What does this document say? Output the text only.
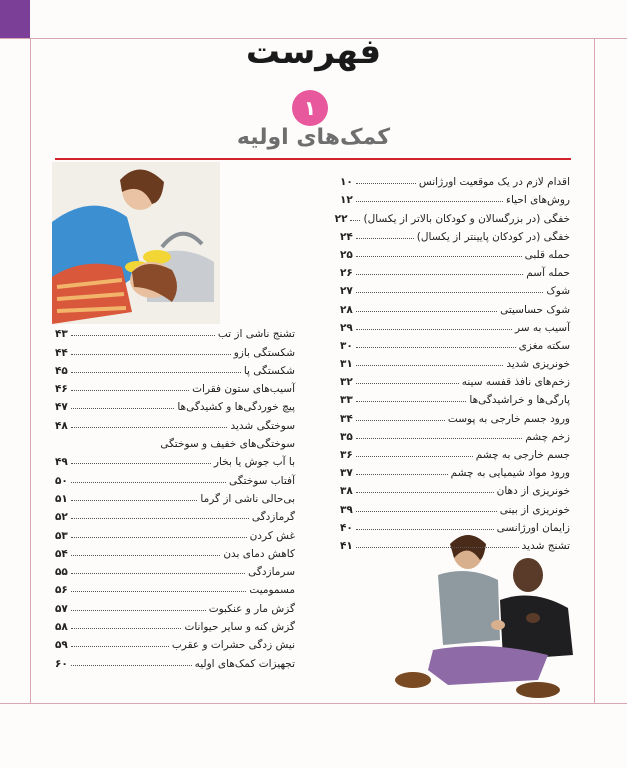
فهرست
۱
کمک‌های اولیه
اقدام لازم در یک موقعیت اورژانس
۱۰
روش‌های احیاء
۱۲
خفگی (در بزرگسالان و کودکان بالاتر از یکسال)
۲۲
خفگی (در کودکان پایینتر از یکسال)
۲۴
حمله قلبی
۲۵
حمله آسم
۲۶
شوک
۲۷
شوک حساسیتی
۲۸
آسیب به سر
۲۹
سکته مغزی
۳۰
خونریزی شدید
۳۱
زخم‌های نافذ قفسه سینه
۳۲
پارگی‌ها و خراشیدگی‌ها
۳۳
ورود جسم خارجی به پوست
۳۴
زخم چشم
۳۵
جسم خارجی به چشم
۳۶
ورود مواد شیمیایی به چشم
۳۷
خونریزی از دهان
۳۸
خونریزی از بینی
۳۹
زایمان اورژانسی
۴۰
تشنج شدید
۴۱
تشنج ناشی از تب
۴۳
شکستگی بازو
۴۴
شکستگی پا
۴۵
آسیب‌های ستون فقرات
۴۶
پیچ خوردگی‌ها و کشیدگی‌ها
۴۷
سوختگی شدید
۴۸
سوختگی‌های خفیف و سوختگی
با آب جوش یا بخار
۴۹
آفتاب سوختگی
۵۰
بی‌حالی ناشی از گرما
۵۱
گرمازدگی
۵۲
غش کردن
۵۳
کاهش دمای بدن
۵۴
سرمازدگی
۵۵
مسمومیت
۵۶
گزش مار و عنکبوت
۵۷
گزش کنه و سایر حیوانات
۵۸
نیش زدگی حشرات و عقرب
۵۹
تجهیزات کمک‌های اولیه
۶۰
